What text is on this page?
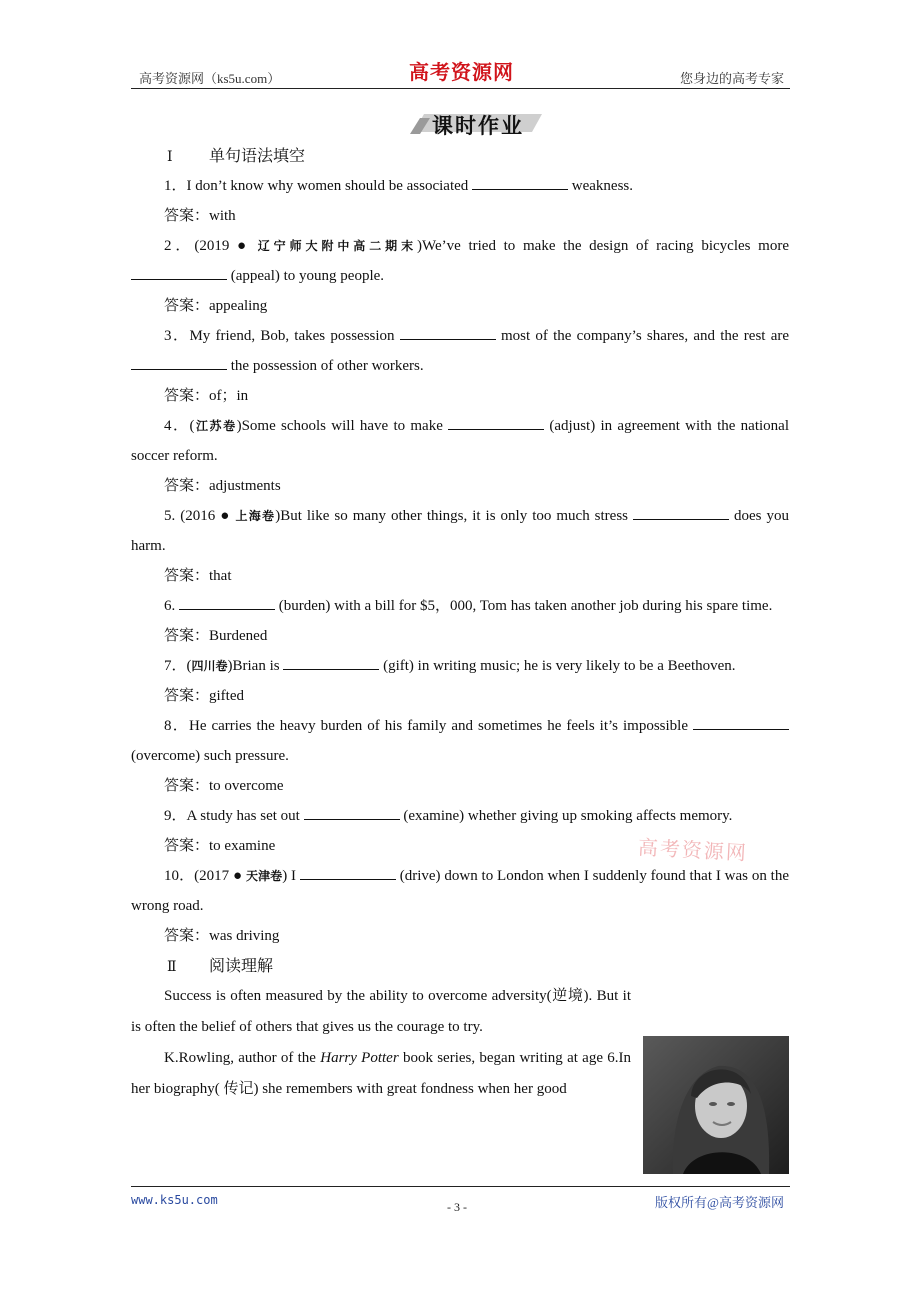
高考资源网（ks5u.com）	高考资源网	您身边的高考专家
课时作业

Ⅰ 单句语法填空

1．I don’t know why women should be associated	weakness.

答案：with

2．(2019 ● 辽宁师大附中高二期末)We’ve tried to make the design of racing bicycles more  (appeal) to young people.

答案：appealing

3．My friend, Bob, takes possession	most of the company’s shares, and the rest are  the possession of other workers.

答案：of；in

4．(江苏卷)Some schools will have to make	(adjust) in agreement with the national soccer reform.

答案：adjustments

5. (2016 ● 上海卷)But like so many other things, it is only too much stress	does you harm.

答案：that

6.	(burden) with a bill for $5，000, Tom has taken another job during his spare time.

答案：Burdened

7．(四川卷)Brian is	(gift) in writing music; he is very likely to be a Beethoven.

答案：gifted

8．He carries the heavy burden of his family and sometimes he feels it’s impossible  (overcome) such pressure.

答案：to overcome

9．A study has set out	(examine) whether giving up smoking affects memory.

答案：to examine

10．(2017 ● 天津卷) I	(drive) down to London when I suddenly found that I was on the wrong road.

答案：was driving

Ⅱ 阅读理解

Success is often measured by the ability to overcome adversity(逆境). But it is often the belief of others that gives us the courage to try.

K.Rowling, author of the Harry Potter book series, began writing at age 6.In her biography( 传记) she remembers with great fondness when her good

高考资源网
www.ks5u.com	- 3 -	版权所有@高考资源网
